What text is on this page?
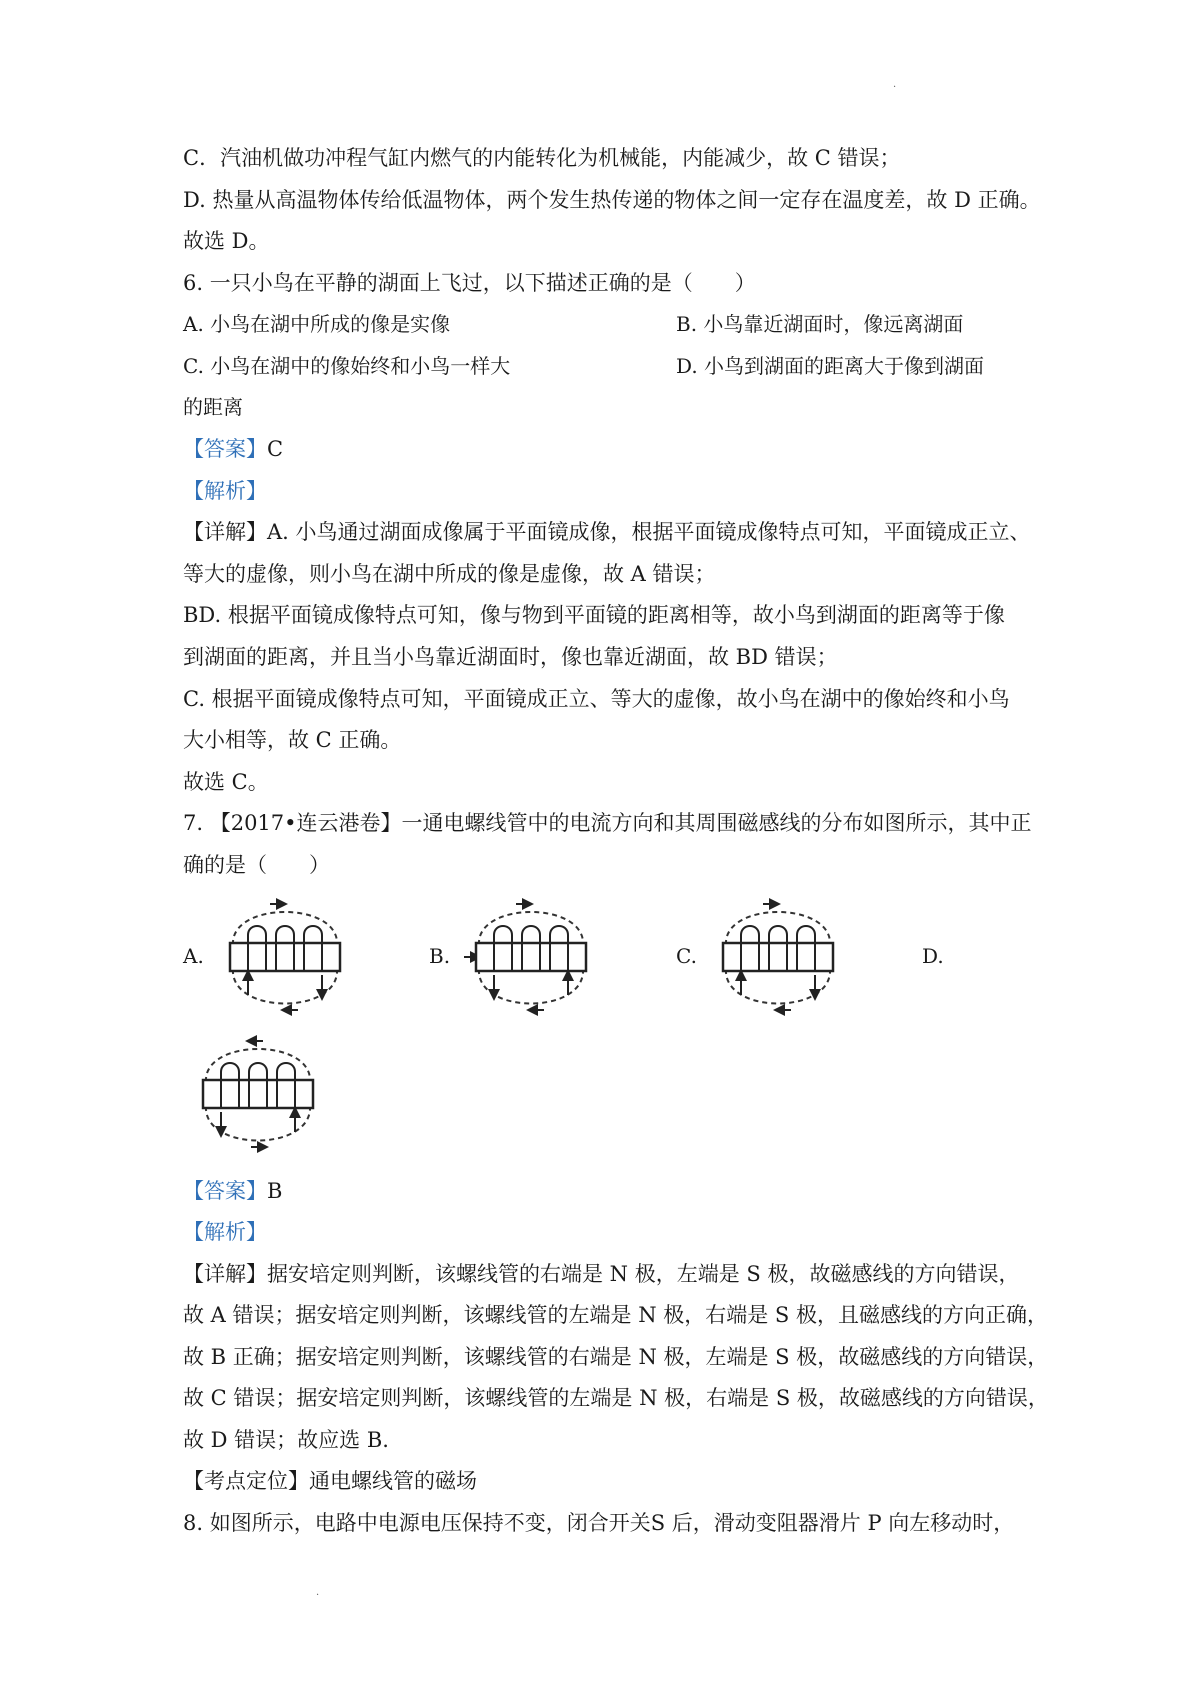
·
C．汽油机做功冲程气缸内燃气的内能转化为机械能，内能减少，故 C 错误；
D. 热量从高温物体传给低温物体，两个发生热传递的物体之间一定存在温度差，故 D 正确。
故选 D。
6. 一只小鸟在平静的湖面上飞过，以下描述正确的是（　　）
A. 小鸟在湖中所成的像是实像	B. 小鸟靠近湖面时，像远离湖面
C. 小鸟在湖中的像始终和小鸟一样大	D. 小鸟到湖面的距离大于像到湖面
的距离
【答案】C
【解析】
【详解】A. 小鸟通过湖面成像属于平面镜成像，根据平面镜成像特点可知，平面镜成正立、
等大的虚像，则小鸟在湖中所成的像是虚像，故 A 错误；
BD. 根据平面镜成像特点可知，像与物到平面镜的距离相等，故小鸟到湖面的距离等于像
到湖面的距离，并且当小鸟靠近湖面时，像也靠近湖面，故 BD 错误；
C. 根据平面镜成像特点可知，平面镜成正立、等大的虚像，故小鸟在湖中的像始终和小鸟
大小相等，故 C 正确。
故选 C。
7. 【2017•连云港卷】一通电螺线管中的电流方向和其周围磁感线的分布如图所示，其中正
确的是（　　）
A.	B.	C.	D.
【答案】B
【解析】
【详解】据安培定则判断，该螺线管的右端是 N 极，左端是 S 极，故磁感线的方向错误，
故 A 错误；据安培定则判断，该螺线管的左端是 N 极，右端是 S 极，且磁感线的方向正确，
故 B 正确；据安培定则判断，该螺线管的右端是 N 极，左端是 S 极，故磁感线的方向错误，
故 C 错误；据安培定则判断，该螺线管的左端是 N 极，右端是 S 极，故磁感线的方向错误，
故 D 错误；故应选 B.
【考点定位】通电螺线管的磁场
8. 如图所示，电路中电源电压保持不变，闭合开关S 后，滑动变阻器滑片 P 向左移动时，
·
